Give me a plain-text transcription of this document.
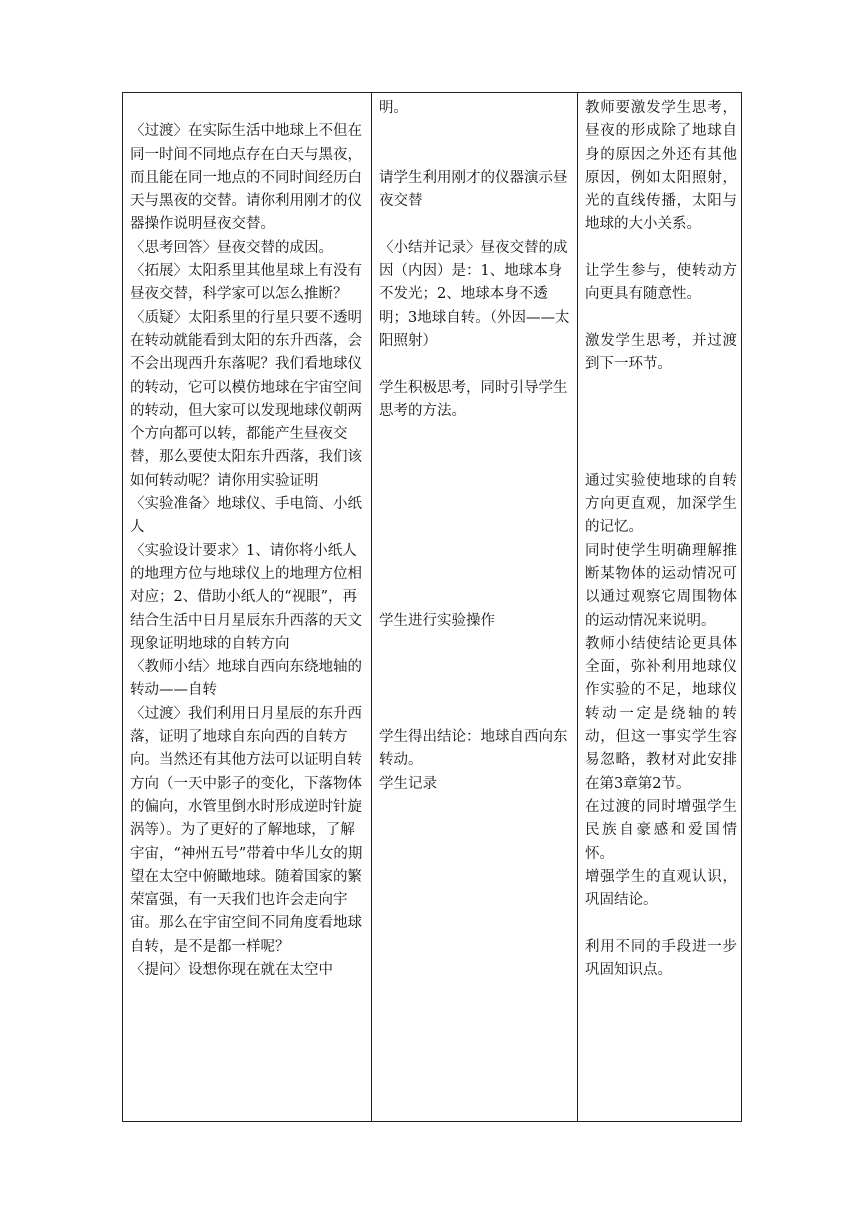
〈过渡〉在实际生活中地球上不但在同一时间不同地点存在白天与黑夜，而且能在同一地点的不同时间经历白天与黑夜的交替。请你利用刚才的仪器操作说明昼夜交替。

〈思考回答〉昼夜交替的成因。

〈拓展〉太阳系里其他星球上有没有昼夜交替，科学家可以怎么推断？

〈质疑〉太阳系里的行星只要不透明在转动就能看到太阳的东升西落，会不会出现西升东落呢？我们看地球仪的转动，它可以模仿地球在宇宙空间的转动，但大家可以发现地球仪朝两个方向都可以转，都能产生昼夜交替，那么要使太阳东升西落，我们该如何转动呢？请你用实验证明

〈实验准备〉地球仪、手电筒、小纸人

〈实验设计要求〉1、请你将小纸人的地理方位与地球仪上的地理方位相对应；2、借助小纸人的“视眼”，再结合生活中日月星辰东升西落的天文现象证明地球的自转方向

〈教师小结〉地球自西向东绕地轴的转动——自转

〈过渡〉我们利用日月星辰的东升西落，证明了地球自东向西的自转方向。当然还有其他方法可以证明自转方向（一天中影子的变化，下落物体的偏向，水管里倒水时形成逆时针旋涡等）。为了更好的了解地球，了解宇宙，“神州五号”带着中华儿女的期望在太空中俯瞰地球。随着国家的繁荣富强，有一天我们也许会走向宇宙。那么在宇宙空间不同角度看地球自转，是不是都一样呢？

〈提问〉设想你现在就在太空中

明。

请学生利用刚才的仪器演示昼夜交替

〈小结并记录〉昼夜交替的成因（内因）是：1、地球本身不发光；2、地球本身不透明；3地球自转。（外因——太阳照射）

学生积极思考，同时引导学生思考的方法。

学生进行实验操作

学生得出结论：地球自西向东转动。

学生记录

教师要激发学生思考，昼夜的形成除了地球自身的原因之外还有其他原因，例如太阳照射，光的直线传播，太阳与地球的大小关系。

让学生参与，使转动方向更具有随意性。

激发学生思考，并过渡到下一环节。

通过实验使地球的自转方向更直观，加深学生的记忆。

同时使学生明确理解推断某物体的运动情况可以通过观察它周围物体的运动情况来说明。

教师小结使结论更具体全面，弥补利用地球仪作实验的不足，地球仪转动一定是绕轴的转动，但这一事实学生容易忽略，教材对此安排在第3章第2节。

在过渡的同时增强学生民族自豪感和爱国情怀。

增强学生的直观认识，巩固结论。

利用不同的手段进一步巩固知识点。
